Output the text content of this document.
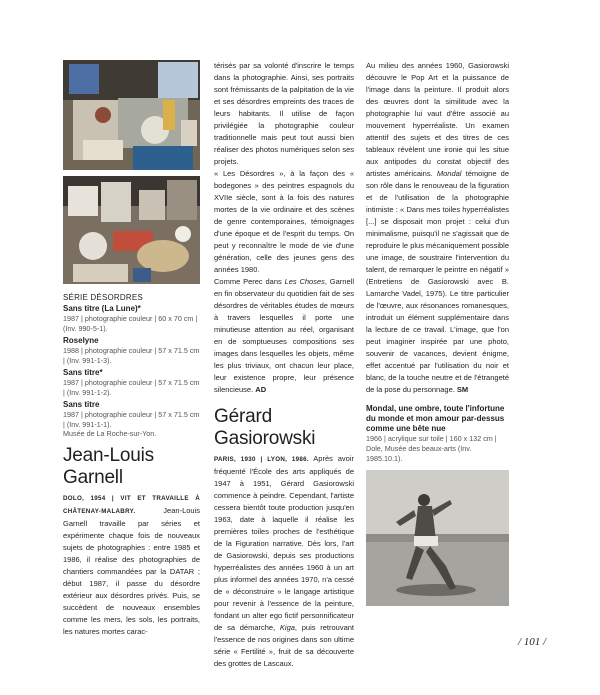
SÉRIE DÉSORDRES
Sans titre (La Lune)*
1987 | photographie couleur | 60 x 70 cm | (Inv. 990-5-1).
Roselyne
1988 | photographie couleur | 57 x 71.5 cm | (Inv. 991-1-3).
Sans titre*
1987 | photographie couleur | 57 x 71.5 cm | (Inv. 991-1-2).
Sans titre
1987 | photographie couleur | 57 x 71.5 cm | (Inv. 991-1-1).
Musée de La Roche-sur-Yon.
Jean-Louis Garnell

DOLO, 1954 | VIT ET TRAVAILLE À CHÂTENAY-MALABRY. Jean-Louis Garnell travaille par séries et expérimente chaque fois de nouveaux sujets de photographies : entre 1985 et 1986, il réalise des photographies de chantiers commandées par la DATAR ; début 1987, il passe du désordre extérieur aux désordres privés. Puis, se succèdent de nouveaux ensembles comme les mers, les sols, les portraits, les natures mortes carac-

térisés par sa volonté d'inscrire le temps dans la photographie. Ainsi, ses portraits sont frémissants de la palpitation de la vie et ses désordres empreints des traces de leurs habitants. Il utilise de façon privilégiée la photographie couleur traditionnelle mais peut tout aussi bien réaliser des photos numériques selon ses projets.

« Les Désordres », à la façon des « bodegones » des peintres espagnols du XVIIe siècle, sont à la fois des natures mortes de la vie ordinaire et des scènes de genre contemporaines, témoignages d'une époque et de l'esprit du temps. On peut y reconnaître le mode de vie d'une génération, celle des jeunes gens des années 1980.

Comme Perec dans Les Choses, Garnell en fin observateur du quotidien fait de ses désordres de véritables études de mœurs à travers lesquelles il porte une minutieuse attention au réel, organisant en de somptueuses compositions ses images dans lesquelles les objets, même les plus triviaux, ont chacun leur place, leur existence propre, leur présence silencieuse. AD

Gérard Gasiorowski

PARIS, 1930 | LYON, 1986. Après avoir fréquenté l'École des arts appliqués de 1947 à 1951, Gérard Gasiorowski commence à peindre. Cependant, l'artiste cessera bientôt toute production jusqu'en 1963, date à laquelle il réalise les premières toiles proches de l'esthétique de la Figuration narrative. Dès lors, l'art de Gasiorowski, depuis ses productions hyperréalistes des années 1960 à un art plus informel des années 1970, n'a cessé de « déconstruire » le langage artistique pour revenir à l'essence de la peinture, fondant un alter ego fictif personnificateur de sa démarche, Kiga, puis retrouvant l'essence de nos origines dans son ultime série « Fertilité », fruit de sa découverte des grottes de Lascaux.

Au milieu des années 1960, Gasiorowski découvre le Pop Art et la puissance de l'image dans la peinture. Il produit alors des œuvres dont la similitude avec la photographie lui vaut d'être associé au mouvement hyperréaliste. Un examen attentif des sujets et des titres de ces tableaux révèlent une ironie qui les situe aux antipodes du constat objectif des artistes américains. Mondal témoigne de son rôle dans le renouveau de la figuration et de l'utilisation de la photographie intimiste : « Dans mes toiles hyperréalistes [...] se disposait mon projet : celui d'un minimalisme, puisqu'il ne s'agissait que de reproduire le plus mécaniquement possible une image, de soustraire l'intervention du talent, de remarquer le peintre en négatif » (Entretiens de Gasiorowski avec B. Lamarche Vadel, 1975). Le titre particulier de l'œuvre, aux résonances romanesques, introduit un élément supplémentaire dans la lecture de ce travail. L'image, que l'on peut imaginer inspirée par une photo, souvenir de vacances, devient énigme, effet accentué par l'utilisation du noir et blanc, de la touche neutre et de l'étrangeté de la pose du personnage. SM

Mondal, une ombre, toute l'infortune du monde et mon amour par-dessus comme une bête nue
1966 | acrylique sur toile | 160 x 132 cm | Dole, Musée des beaux-arts (Inv. 1985.10.1).
/ 101 /
